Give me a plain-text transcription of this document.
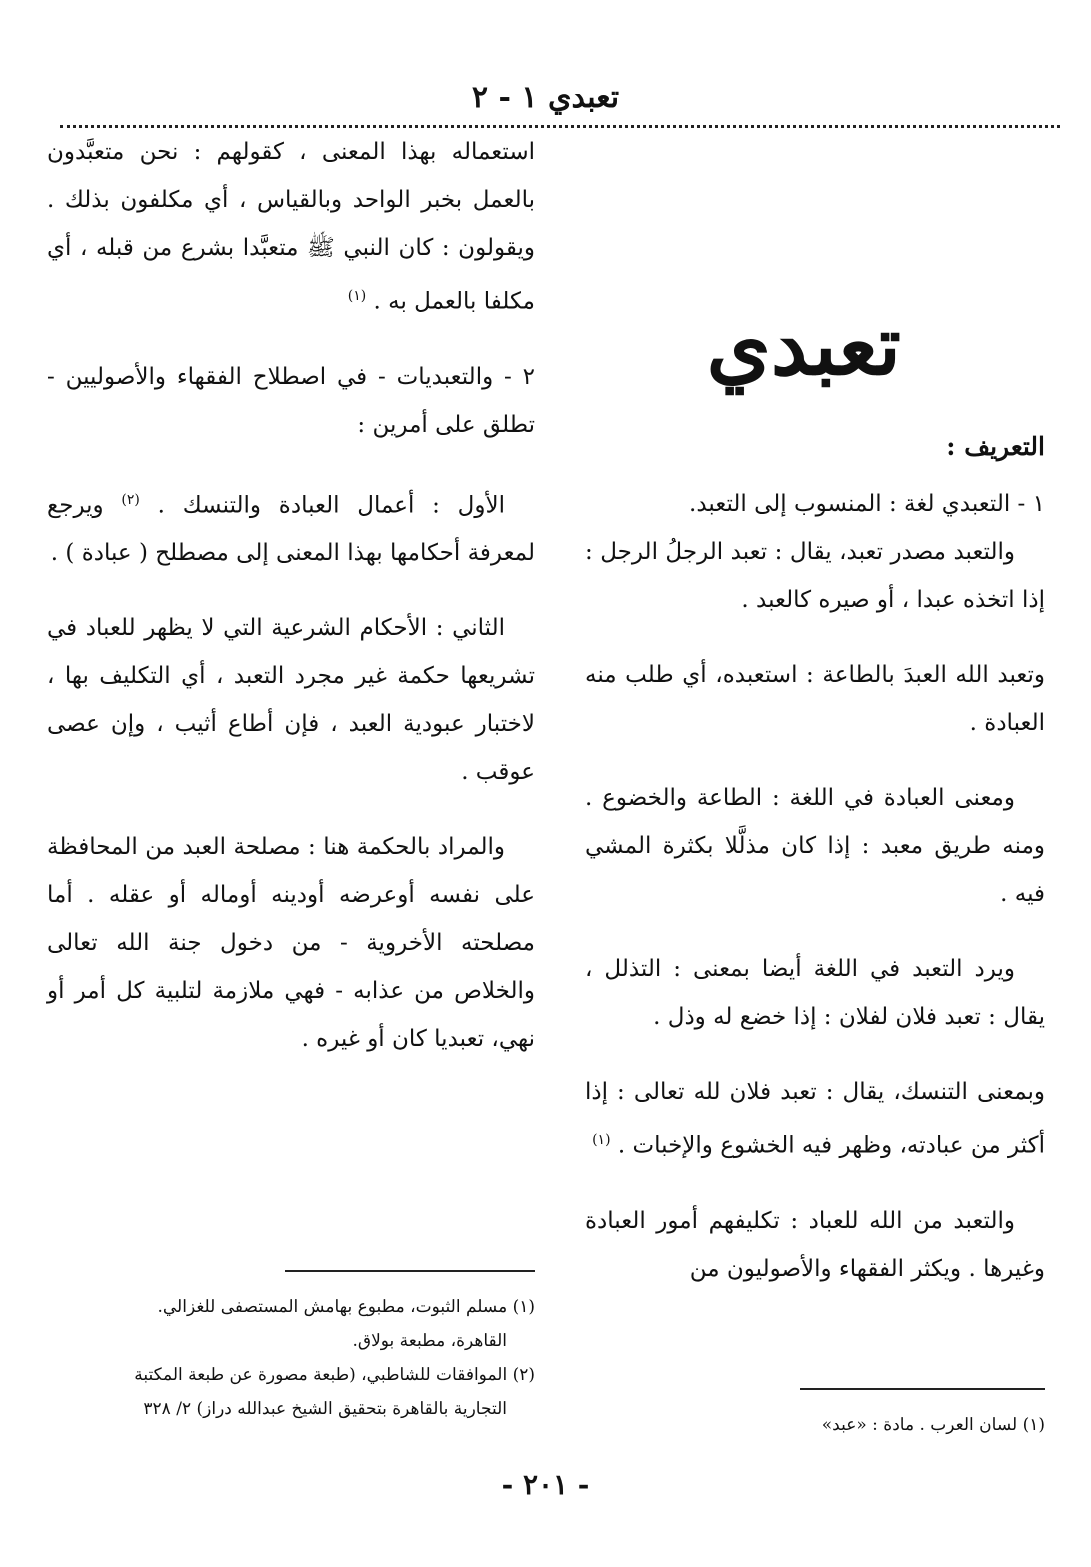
تعبدي ١ - ٢

استعماله بهذا المعنى ، كقولهم : نحن متعبَّدون بالعمل بخبر الواحد وبالقياس ، أي مكلفون بذلك . ويقولون : كان النبي ﷺ متعبَّدا بشرع من قبله ، أي مكلفا بالعمل به . $^{(١)}$

٢ - والتعبديات - في اصطلاح الفقهاء والأصوليين - تطلق على أمرين :

الأول : أعمال العبادة والتنسك . $^{(٢)}$ ويرجع لمعرفة أحكامها بهذا المعنى إلى مصطلح ( عبادة ) .

الثاني : الأحكام الشرعية التي لا يظهر للعباد في تشريعها حكمة غير مجرد التعبد ، أي التكليف بها ، لاختبار عبودية العبد ، فإن أطاع أثيب ، وإن عصى عوقب .

والمراد بالحكمة هنا : مصلحة العبد من المحافظة على نفسه أوعرضه أودينه أوماله أو عقله . أما مصلحته الأخروية - من دخول جنة الله تعالى والخلاص من عذابه - فهي ملازمة لتلبية كل أمر أو نهي، تعبديا كان أو غيره .

تعبدي
التعريف :

١ - التعبدي لغة : المنسوب إلى التعبد.

والتعبد مصدر تعبد، يقال : تعبد الرجلُ الرجل : إذا اتخذه عبدا ، أو صيره كالعبد .

وتعبد الله العبدَ بالطاعة : استعبده، أي طلب منه العبادة .

ومعنى العبادة في اللغة : الطاعة والخضوع . ومنه طريق معبد : إذا كان مذلَّلا بكثرة المشي فيه .

ويرد التعبد في اللغة أيضا بمعنى : التذلل ، يقال : تعبد فلان لفلان : إذا خضع له وذل .

وبمعنى التنسك، يقال : تعبد فلان لله تعالى : إذا أكثر من عبادته، وظهر فيه الخشوع والإخبات . $^{(١)}$

والتعبد من الله للعباد : تكليفهم أمور العبادة وغيرها . ويكثر الفقهاء والأصوليون من

(١) مسلم الثبوت، مطبوع بهامش المستصفى للغزالي.

القاهرة، مطبعة بولاق.

(٢) الموافقات للشاطبي، (طبعة مصورة عن طبعة المكتبة

التجارية بالقاهرة بتحقيق الشيخ عبدالله دراز) ٢/ ٣٢٨

(١) لسان العرب . مادة : «عبد»

- ٢٠١ -
